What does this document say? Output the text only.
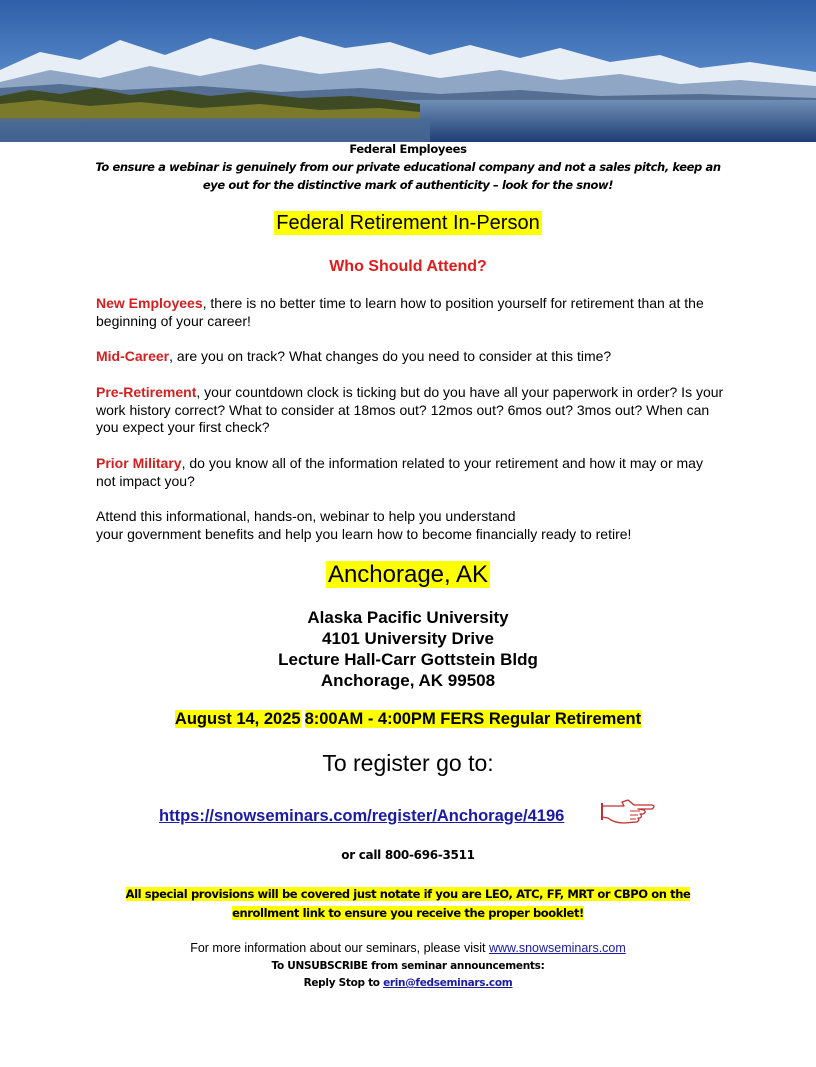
Federal Employees
To ensure a webinar is genuinely from our private educational company and not a sales pitch, keep an eye out for the distinctive mark of authenticity – look for the snow!
Federal Retirement In-Person
Who Should Attend?
New Employees, there is no better time to learn how to position yourself for retirement than at the beginning of your career!
Mid-Career, are you on track? What changes do you need to consider at this time?
Pre-Retirement, your countdown clock is ticking but do you have all your paperwork in order? Is your work history correct? What to consider at 18mos out? 12mos out? 6mos out? 3mos out? When can you expect your first check?
Prior Military, do you know all of the information related to your retirement and how it may or may not impact you?
Attend this informational, hands-on, webinar to help you understand
your government benefits and help you learn how to become financially ready to retire!
Anchorage, AK
Alaska Pacific University
4101 University Drive
Lecture Hall-Carr Gottstein Bldg
Anchorage, AK 99508
August 14, 2025 8:00AM - 4:00PM FERS Regular Retirement
To register go to:
https://snowseminars.com/register/Anchorage/4196
or call 800-696-3511
All special provisions will be covered just notate if you are LEO, ATC, FF, MRT or CBPO on the enrollment link to ensure you receive the proper booklet!
For more information about our seminars, please visit www.snowseminars.com
To UNSUBSCRIBE from seminar announcements:
Reply Stop to erin@fedseminars.com
